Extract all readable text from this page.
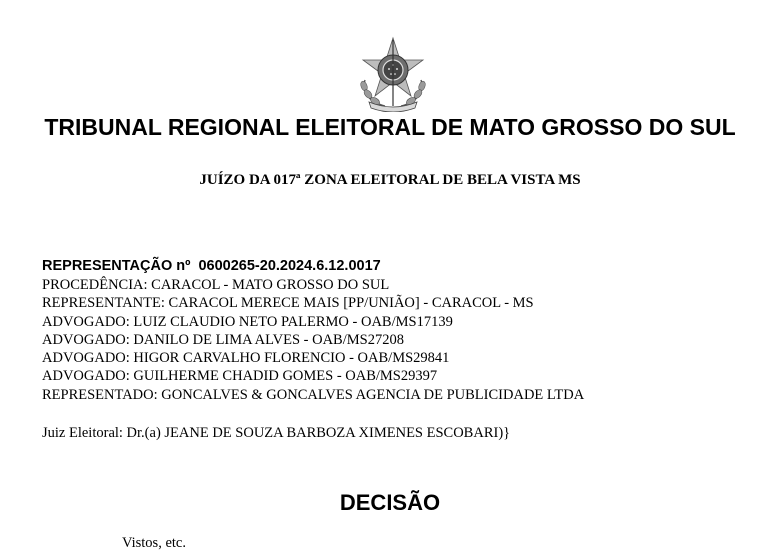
TRIBUNAL REGIONAL ELEITORAL DE MATO GROSSO DO SUL
JUÍZO DA 017ª ZONA ELEITORAL DE BELA VISTA MS
REPRESENTAÇÃO nº  0600265-20.2024.6.12.0017
PROCEDÊNCIA: CARACOL - MATO GROSSO DO SUL
REPRESENTANTE: CARACOL MERECE MAIS [PP/UNIÃO] - CARACOL - MS
ADVOGADO: LUIZ CLAUDIO NETO PALERMO - OAB/MS17139
ADVOGADO: DANILO DE LIMA ALVES - OAB/MS27208
ADVOGADO: HIGOR CARVALHO FLORENCIO - OAB/MS29841
ADVOGADO: GUILHERME CHADID GOMES - OAB/MS29397
REPRESENTADO: GONCALVES & GONCALVES AGENCIA DE PUBLICIDADE LTDA
Juiz Eleitoral: Dr.(a) JEANE DE SOUZA BARBOZA XIMENES ESCOBARI)}
DECISÃO
Vistos, etc.
